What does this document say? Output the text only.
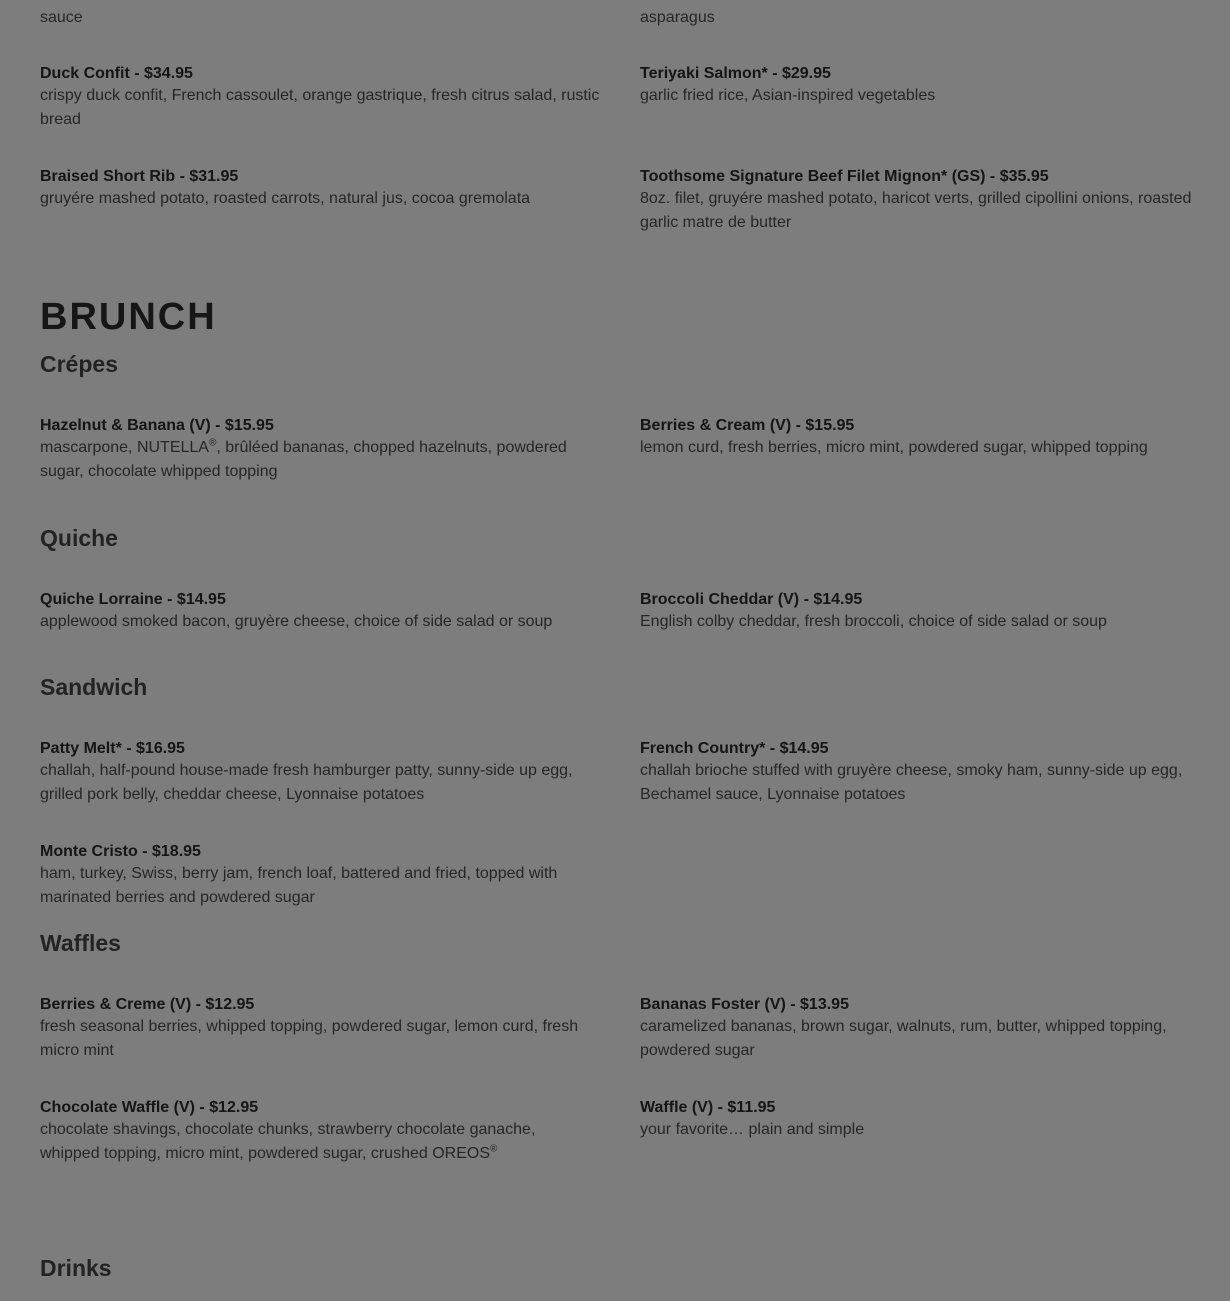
sauce	asparagus
Duck Confit - $34.95
crispy duck confit, French cassoulet, orange gastrique, fresh citrus salad, rustic bread
Teriyaki Salmon* - $29.95
garlic fried rice, Asian-inspired vegetables
Braised Short Rib - $31.95
gruyére mashed potato, roasted carrots, natural jus, cocoa gremolata
Toothsome Signature Beef Filet Mignon* (GS) - $35.95
8oz. filet, gruyére mashed potato, haricot verts, grilled cipollini onions, roasted garlic matre de butter
BRUNCH
Crépes
Hazelnut & Banana (V) - $15.95
mascarpone, NUTELLA®, brûléed bananas, chopped hazelnuts, powdered sugar, chocolate whipped topping
Berries & Cream (V) - $15.95
lemon curd, fresh berries, micro mint, powdered sugar, whipped topping
Quiche
Quiche Lorraine - $14.95
applewood smoked bacon, gruyère cheese, choice of side salad or soup
Broccoli Cheddar (V) - $14.95
English colby cheddar, fresh broccoli, choice of side salad or soup
Sandwich
Patty Melt* - $16.95
challah, half-pound house-made fresh hamburger patty, sunny-side up egg, grilled pork belly, cheddar cheese, Lyonnaise potatoes
French Country* - $14.95
challah brioche stuffed with gruyère cheese, smoky ham, sunny-side up egg, Bechamel sauce, Lyonnaise potatoes
Monte Cristo - $18.95
ham, turkey, Swiss, berry jam, french loaf, battered and fried, topped with marinated berries and powdered sugar
Waffles
Berries & Creme (V) - $12.95
fresh seasonal berries, whipped topping, powdered sugar, lemon curd, fresh micro mint
Bananas Foster (V) - $13.95
caramelized bananas, brown sugar, walnuts, rum, butter, whipped topping, powdered sugar
Chocolate Waffle (V) - $12.95
chocolate shavings, chocolate chunks, strawberry chocolate ganache, whipped topping, micro mint, powdered sugar, crushed OREOS®
Waffle (V) - $11.95
your favorite… plain and simple
Drinks
